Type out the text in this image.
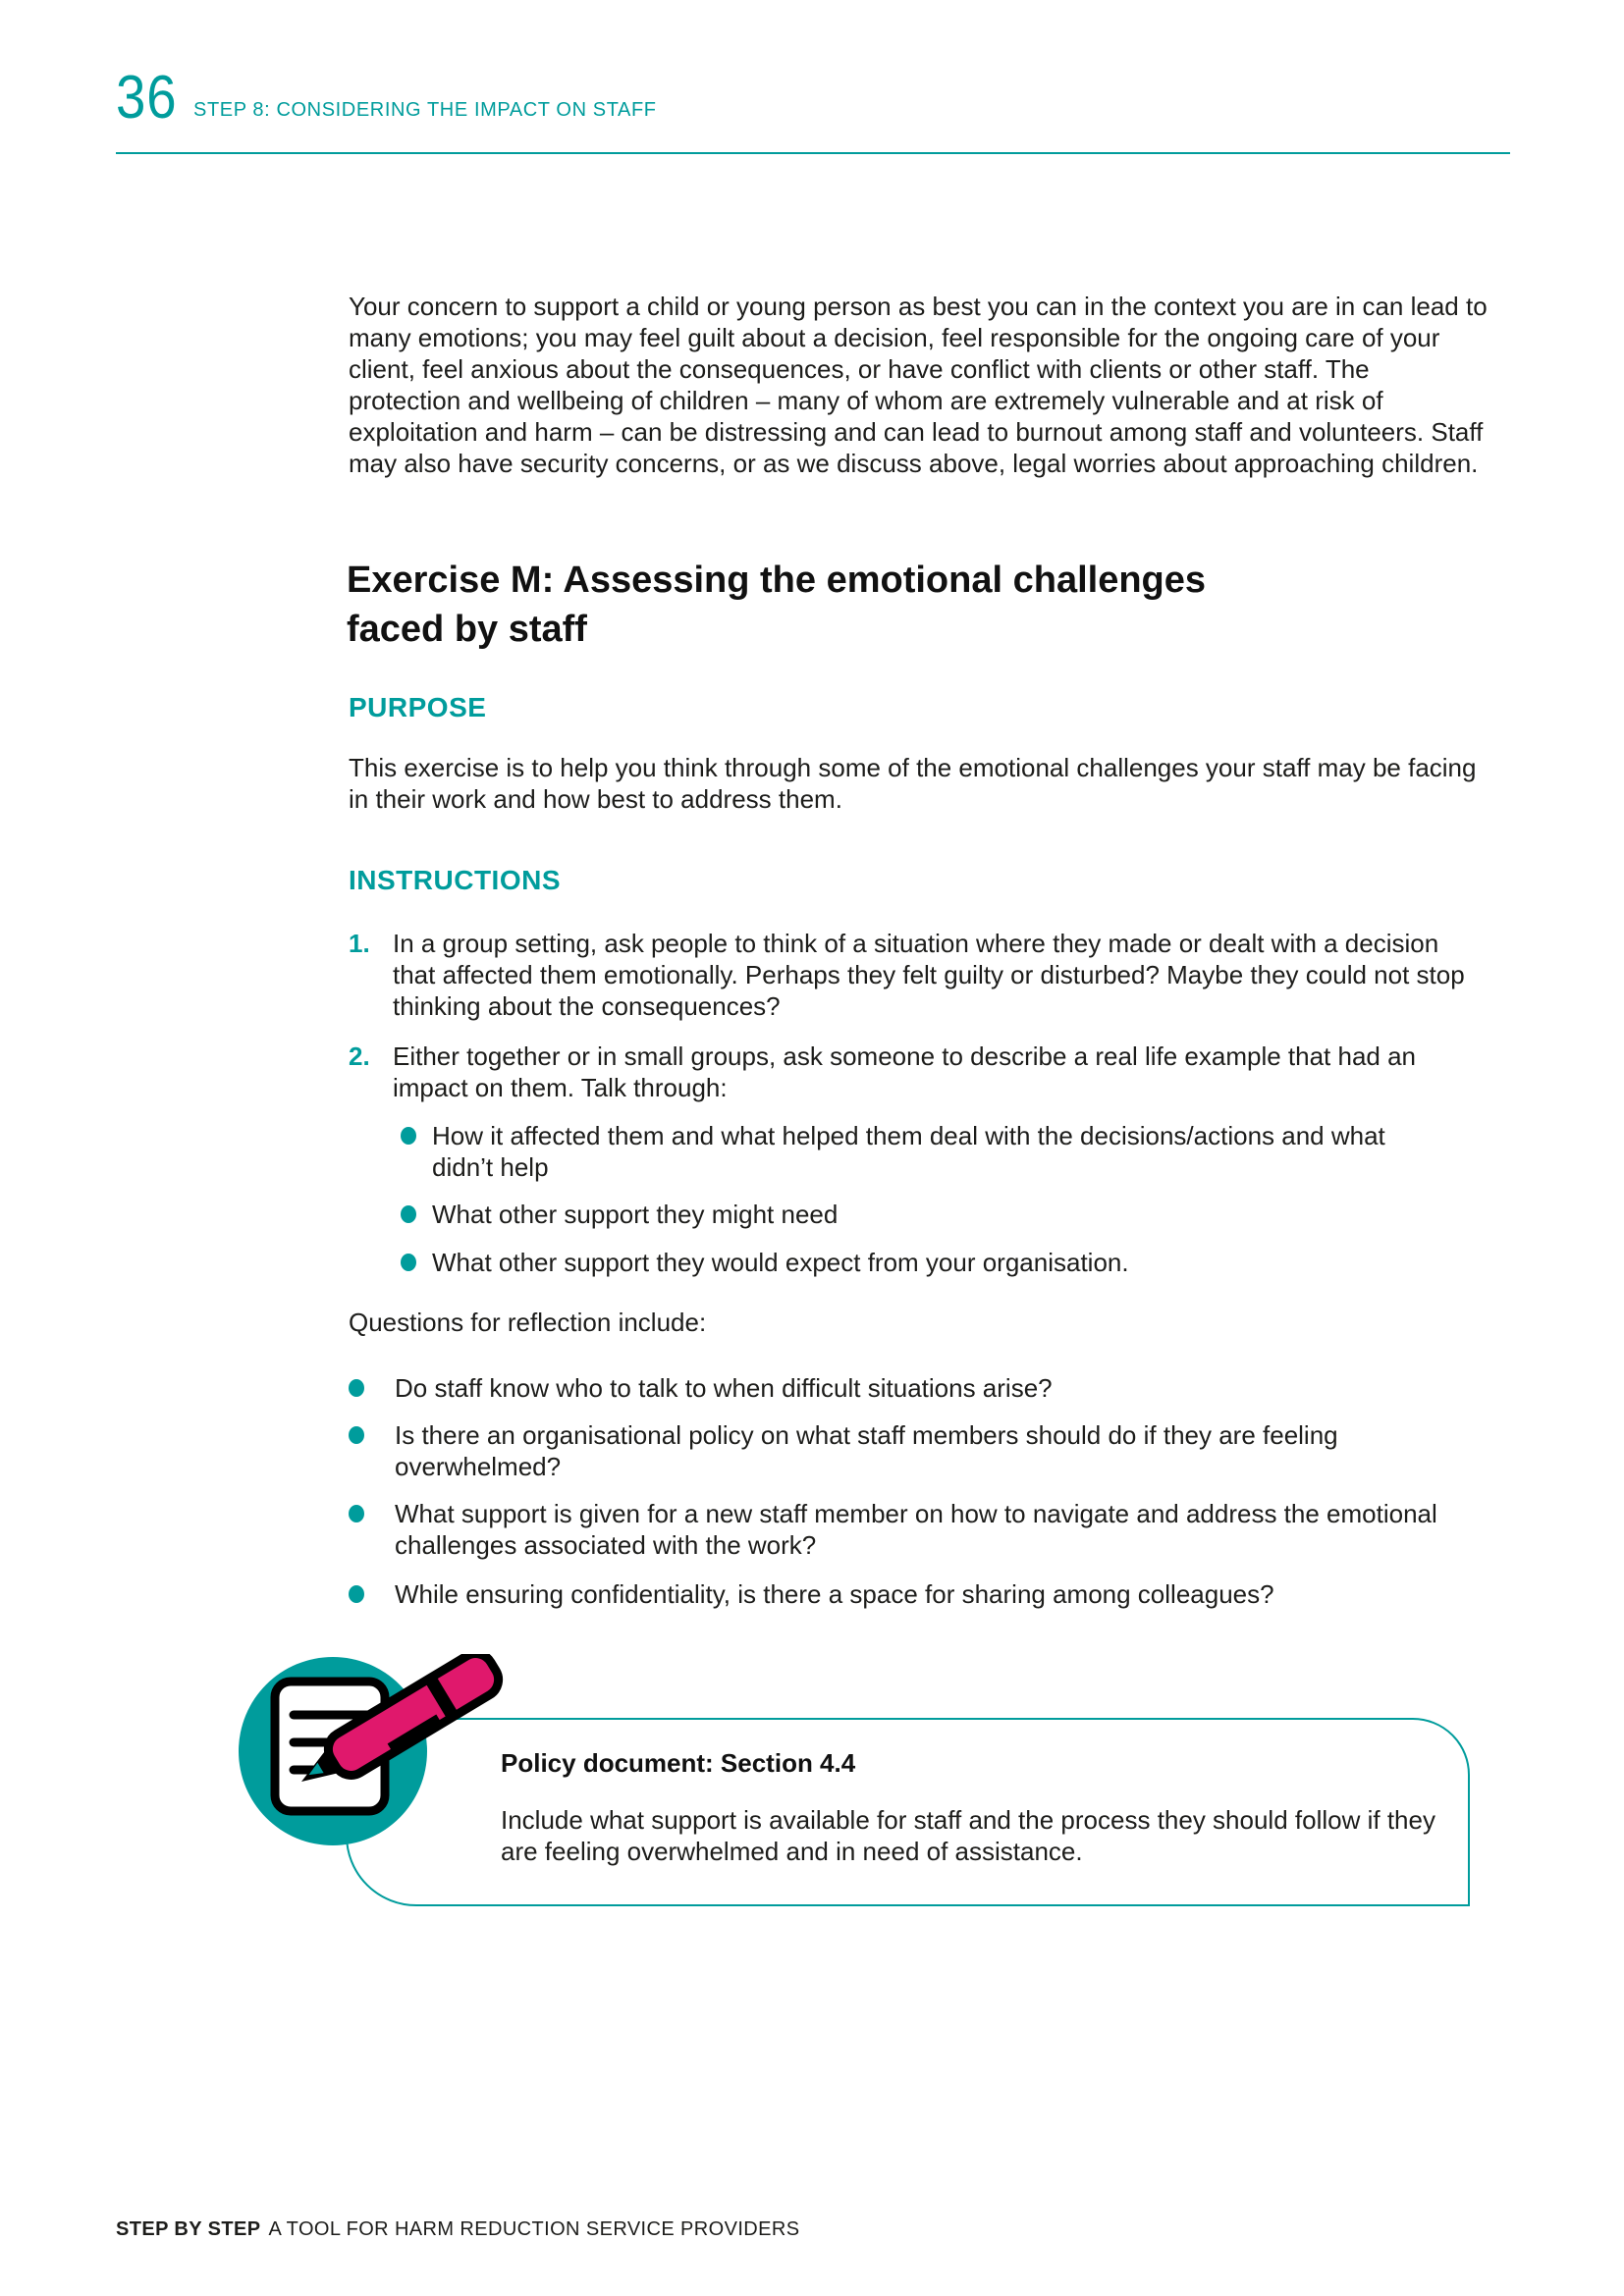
36 STEP 8: CONSIDERING THE IMPACT ON STAFF
Your concern to support a child or young person as best you can in the context you are in can lead to many emotions; you may feel guilt about a decision, feel responsible for the ongoing care of your client, feel anxious about the consequences, or have conflict with clients or other staff. The protection and wellbeing of children – many of whom are extremely vulnerable and at risk of exploitation and harm – can be distressing and can lead to burnout among staff and volunteers. Staff may also have security concerns, or as we discuss above, legal worries about approaching children.
Exercise M: Assessing the emotional challenges
faced by staff
PURPOSE
This exercise is to help you think through some of the emotional challenges your staff may be facing in their work and how best to address them.
INSTRUCTIONS
1. In a group setting, ask people to think of a situation where they made or dealt with a decision that affected them emotionally. Perhaps they felt guilty or disturbed? Maybe they could not stop thinking about the consequences?
2. Either together or in small groups, ask someone to describe a real life example that had an impact on them. Talk through:
How it affected them and what helped them deal with the decisions/actions and what didn’t help
What other support they might need
What other support they would expect from your organisation.
Questions for reflection include:
Do staff know who to talk to when difficult situations arise?
Is there an organisational policy on what staff members should do if they are feeling overwhelmed?
What support is given for a new staff member on how to navigate and address the emotional challenges associated with the work?
While ensuring confidentiality, is there a space for sharing among colleagues?
Policy document: Section 4.4
Include what support is available for staff and the process they should follow if they are feeling overwhelmed and in need of assistance.
STEP BY STEP A TOOL FOR HARM REDUCTION SERVICE PROVIDERS
